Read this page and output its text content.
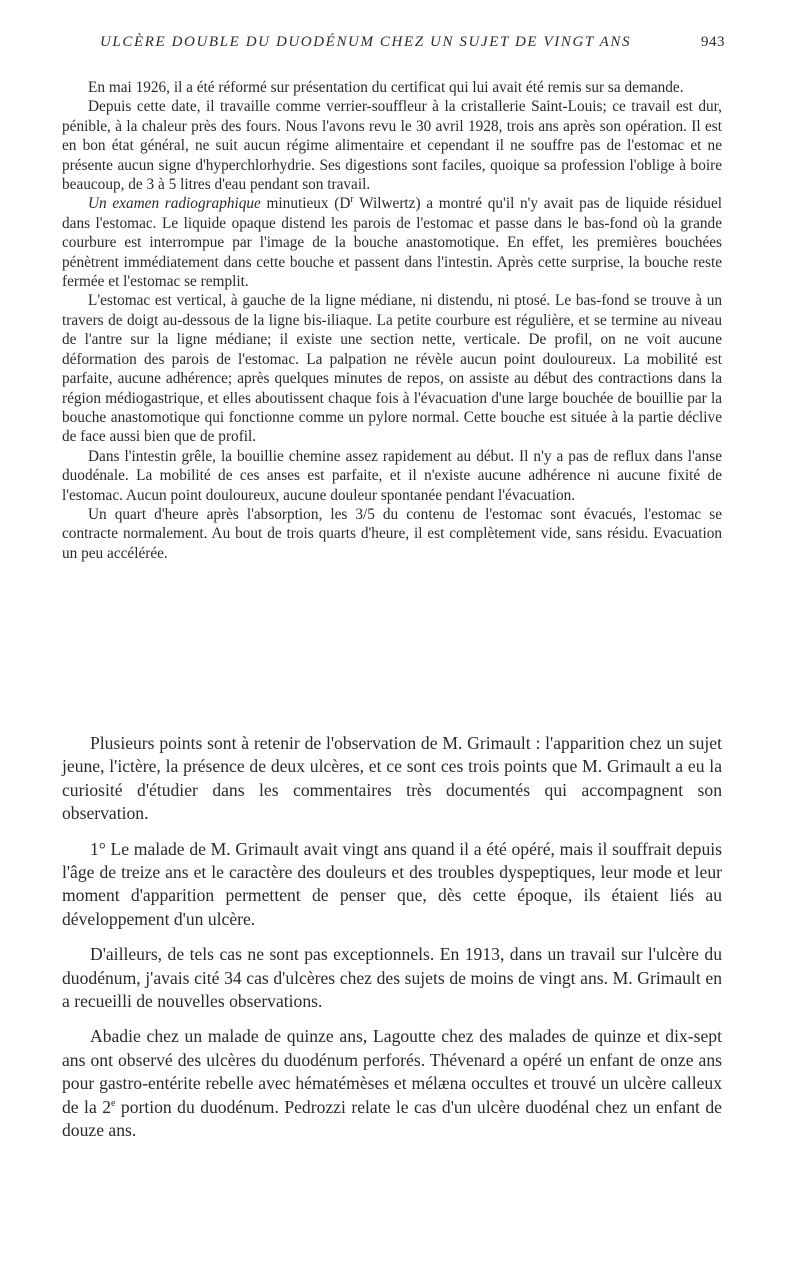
ULCÈRE DOUBLE DU DUODÉNUM CHEZ UN SUJET DE VINGT ANS	943

En mai 1926, il a été réformé sur présentation du certificat qui lui avait été remis sur sa demande.

Depuis cette date, il travaille comme verrier-souffleur à la cristallerie Saint-Louis; ce travail est dur, pénible, à la chaleur près des fours. Nous l'avons revu le 30 avril 1928, trois ans après son opération. Il est en bon état général, ne suit aucun régime alimentaire et cependant il ne souffre pas de l'estomac et ne présente aucun signe d'hyperchlorhydrie. Ses digestions sont faciles, quoique sa profession l'oblige à boire beaucoup, de 3 à 5 litres d'eau pendant son travail.

Un examen radiographique minutieux ($D^r$ Wilwertz) a montré qu'il n'y avait pas de liquide résiduel dans l'estomac. Le liquide opaque distend les parois de l'estomac et passe dans le bas-fond où la grande courbure est interrompue par l'image de la bouche anastomotique. En effet, les premières bouchées pénètrent immédiatement dans cette bouche et passent dans l'intestin. Après cette surprise, la bouche reste fermée et l'estomac se remplit.

L'estomac est vertical, à gauche de la ligne médiane, ni distendu, ni ptosé. Le bas-fond se trouve à un travers de doigt au-dessous de la ligne bis-iliaque. La petite courbure est régulière, et se termine au niveau de l'antre sur la ligne médiane; il existe une section nette, verticale. De profil, on ne voit aucune déformation des parois de l'estomac. La palpation ne révèle aucun point douloureux. La mobilité est parfaite, aucune adhérence; après quelques minutes de repos, on assiste au début des contractions dans la région médiogastrique, et elles aboutissent chaque fois à l'évacuation d'une large bouchée de bouillie par la bouche anastomotique qui fonctionne comme un pylore normal. Cette bouche est située à la partie déclive de face aussi bien que de profil.

Dans l'intestin grêle, la bouillie chemine assez rapidement au début. Il n'y a pas de reflux dans l'anse duodénale. La mobilité de ces anses est parfaite, et il n'existe aucune adhérence ni aucune fixité de l'estomac. Aucun point douloureux, aucune douleur spontanée pendant l'évacuation.

Un quart d'heure après l'absorption, les 3/5 du contenu de l'estomac sont évacués, l'estomac se contracte normalement. Au bout de trois quarts d'heure, il est complètement vide, sans résidu. Evacuation un peu accélérée.

Plusieurs points sont à retenir de l'observation de M. Grimault : l'apparition chez un sujet jeune, l'ictère, la présence de deux ulcères, et ce sont ces trois points que M. Grimault a eu la curiosité d'étudier dans les commentaires très documentés qui accompagnent son observation.

1° Le malade de M. Grimault avait vingt ans quand il a été opéré, mais il souffrait depuis l'âge de treize ans et le caractère des douleurs et des troubles dyspeptiques, leur mode et leur moment d'apparition permettent de penser que, dès cette époque, ils étaient liés au développement d'un ulcère.

D'ailleurs, de tels cas ne sont pas exceptionnels. En 1913, dans un travail sur l'ulcère du duodénum, j'avais cité 34 cas d'ulcères chez des sujets de moins de vingt ans. M. Grimault en a recueilli de nouvelles observations.

Abadie chez un malade de quinze ans, Lagoutte chez des malades de quinze et dix-sept ans ont observé des ulcères du duodénum perforés. Thévenard a opéré un enfant de onze ans pour gastro-entérite rebelle avec hématémèses et mélæna occultes et trouvé un ulcère calleux de la 2e portion du duodénum. Pedrozzi relate le cas d'un ulcère duodénal chez un enfant de douze ans.
